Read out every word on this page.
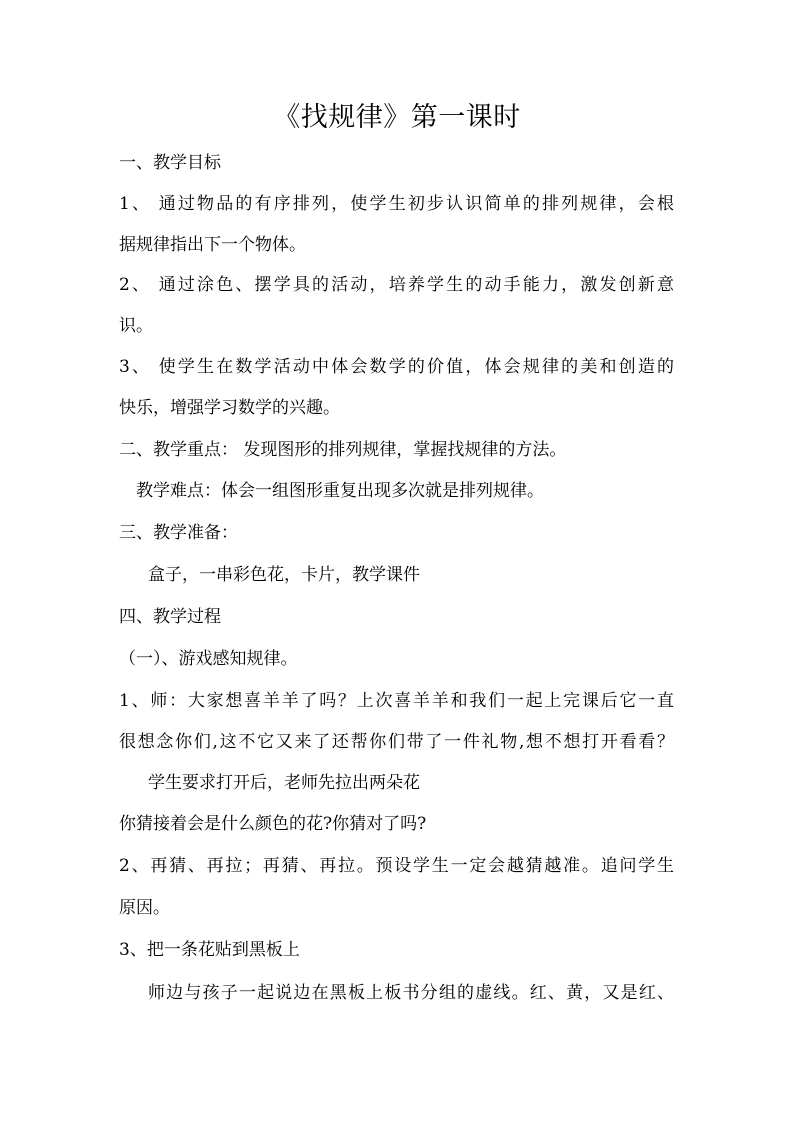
《找规律》第一课时
一、教学目标
1、 通过物品的有序排列，使学生初步认识简单的排列规律，会根
据规律指出下一个物体。
2、 通过涂色、摆学具的活动，培养学生的动手能力，激发创新意
识。
3、 使学生在数学活动中体会数学的价值，体会规律的美和创造的
快乐，增强学习数学的兴趣。
二、教学重点： 发现图形的排列规律，掌握找规律的方法。
教学难点：体会一组图形重复出现多次就是排列规律。
三、教学准备：
盒子，一串彩色花，卡片，教学课件
四、教学过程
（一）、游戏感知规律。
1、师：大家想喜羊羊了吗？上次喜羊羊和我们一起上完课后它一直
很想念你们,这不它又来了还帮你们带了一件礼物,想不想打开看看？
学生要求打开后，老师先拉出两朵花
你猜接着会是什么颜色的花?你猜对了吗?
2、再猜、再拉；再猜、再拉。预设学生一定会越猜越准。追问学生
原因。
3、把一条花贴到黑板上
师边与孩子一起说边在黑板上板书分组的虚线。红、黄，又是红、
